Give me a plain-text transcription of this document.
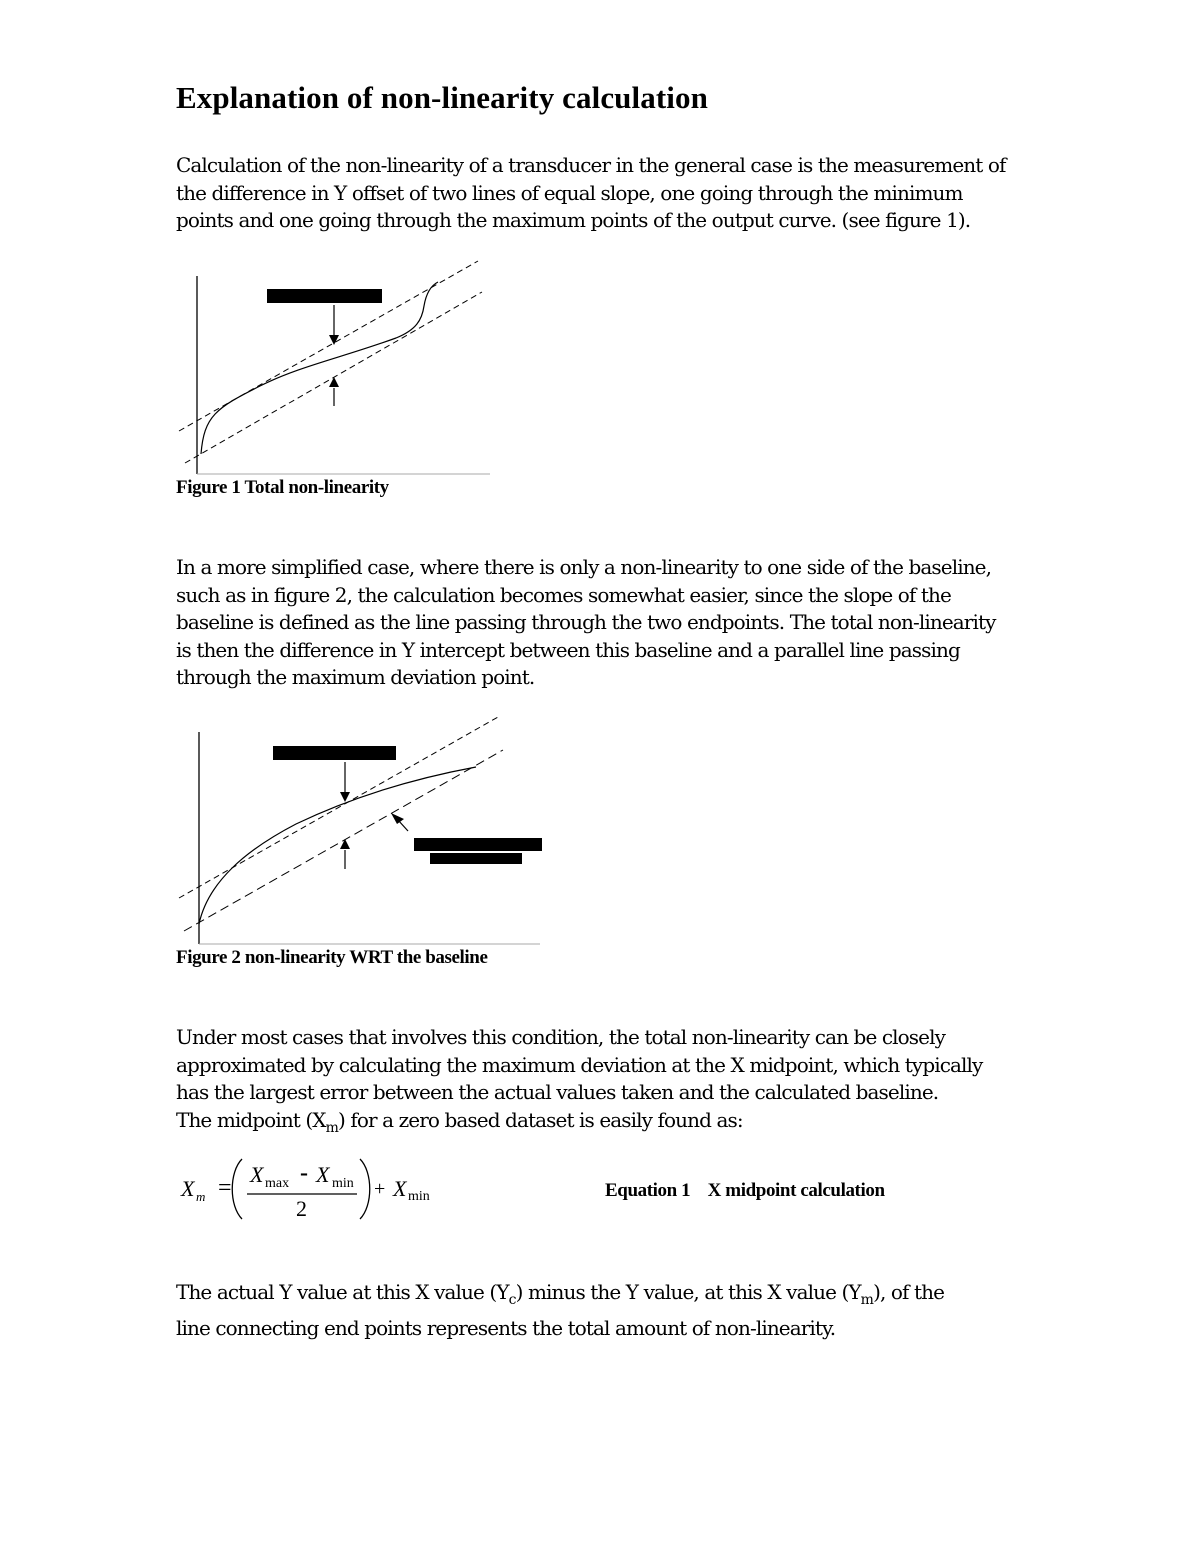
Explanation of non-linearity calculation

Calculation of the non-linearity of a transducer in the general case is the measurement of
the difference in Y offset of two lines of equal slope, one going through the minimum
points and one going through the maximum points of the output curve. (see figure 1).

Figure 1 Total non-linearity

In a more simplified case, where there is only a non-linearity to one side of the baseline,
such as in figure 2, the calculation becomes somewhat easier, since the slope of the
baseline is defined as the line passing through the two endpoints. The total non-linearity
is then the difference in Y intercept between this baseline and a parallel line passing
through the maximum deviation point.

Figure 2 non-linearity WRT the baseline

Under most cases that involves this condition, the total non-linearity can be closely
approximated by calculating the maximum deviation at the X midpoint, which typically
has the largest error between the actual values taken and the calculated baseline.
The midpoint $(X_m)$ for a zero based dataset is easily found as:

X m =
X max - X min
2
+ X min	Equation 1    X midpoint calculation

The actual Y value at this X value $(Y_c)$ minus the Y value, at this X value $(Y_m)$, of the
line connecting end points represents the total amount of non-linearity.
